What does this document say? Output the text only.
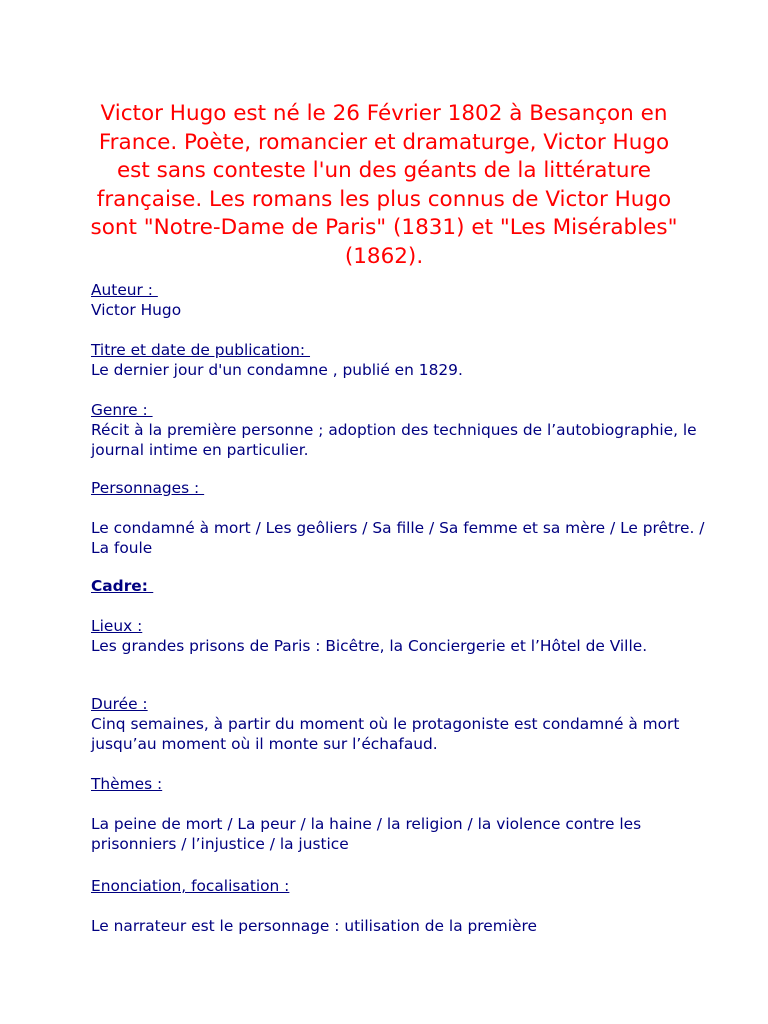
Victor Hugo est né le 26 Février 1802 à Besançon en France. Poète, romancier et dramaturge, Victor Hugo est sans conteste l'un des géants de la littérature française. Les romans les plus connus de Victor Hugo sont "Notre-Dame de Paris" (1831) et "Les Misérables" (1862).

Auteur :

Victor Hugo

Titre et date de publication:

Le dernier jour d'un condamne , publié en 1829.

Genre :

Récit à la première personne ; adoption des techniques de l’autobiographie, le journal intime en particulier.

Personnages :

Le condamné à mort / Les geôliers / Sa fille / Sa femme et sa mère / Le prêtre. / La foule

Cadre:
Lieux :

Les grandes prisons de Paris : Bicêtre, la Conciergerie et l’Hôtel de Ville.

Durée :

Cinq semaines, à partir du moment où le protagoniste est condamné à mort jusqu’au moment où il monte sur l’échafaud.

Thèmes :

La peine de mort / La peur / la haine / la religion / la violence contre les prisonniers / l’injustice / la justice

Enonciation, focalisation :

Le narrateur est le personnage : utilisation de la première
